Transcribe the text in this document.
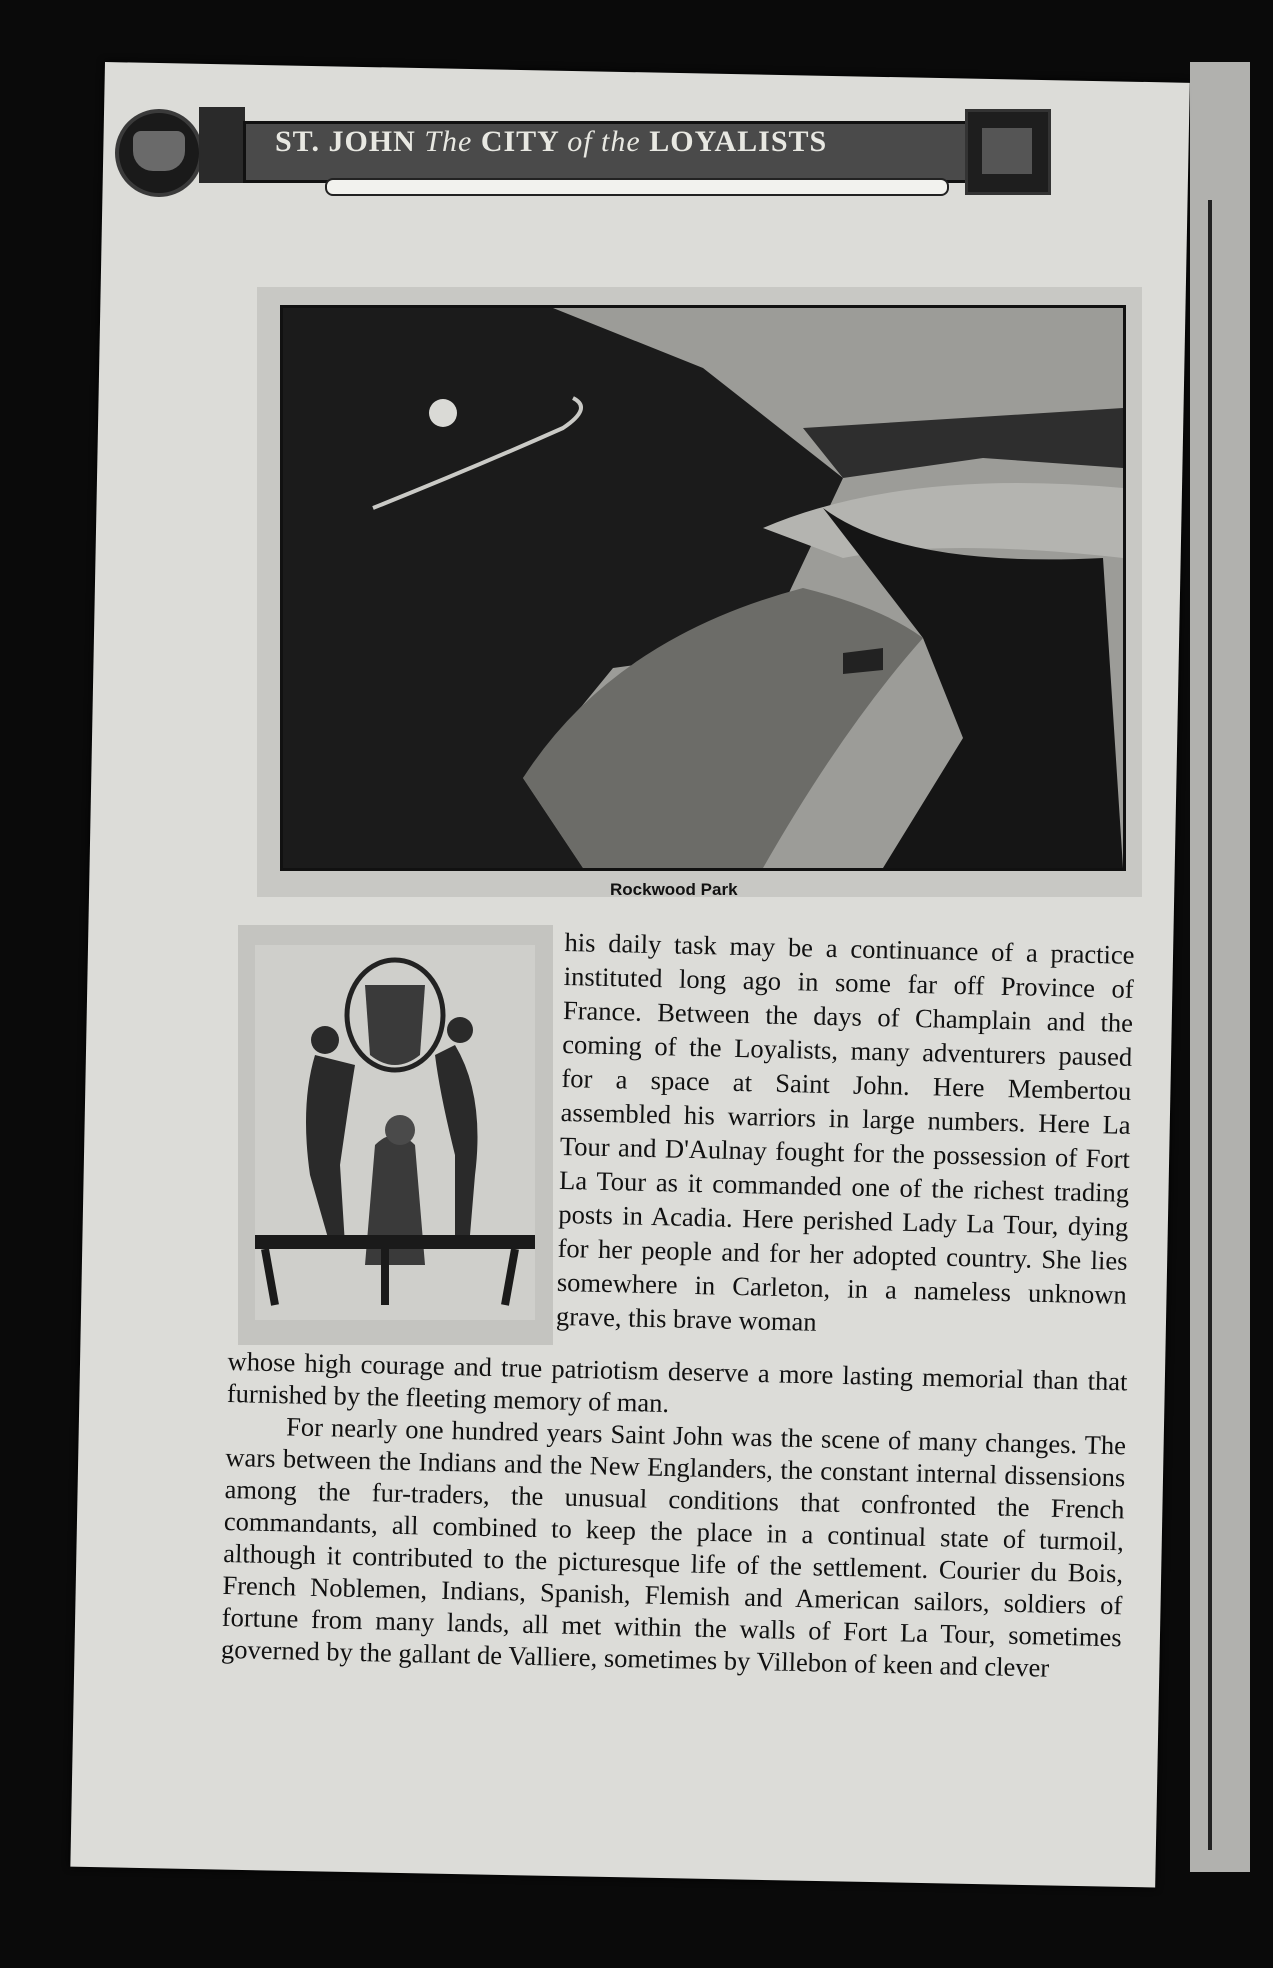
ST. JOHN The CITY of the LOYALISTS
Rockwood Park

his daily task may be a continuance of a practice instituted long ago in some far off Province of France. Between the days of Champlain and the coming of the Loyalists, many adventurers paused for a space at Saint John. Here Membertou assembled his warriors in large numbers. Here La Tour and D'Aulnay fought for the possession of Fort La Tour as it commanded one of the richest trading posts in Acadia. Here perished Lady La Tour, dying for her people and for her adopted country. She lies somewhere in Carleton, in a nameless unknown grave, this brave woman

whose high courage and true patriotism deserve a more lasting memorial than that furnished by the fleeting memory of man.

For nearly one hundred years Saint John was the scene of many changes. The wars between the Indians and the New Englanders, the constant internal dissensions among the fur-traders, the unusual conditions that confronted the French commandants, all combined to keep the place in a continual state of turmoil, although it contributed to the picturesque life of the settlement. Courier du Bois, French Noblemen, Indians, Spanish, Flemish and American sailors, soldiers of fortune from many lands, all met within the walls of Fort La Tour, sometimes governed by the gallant de Valliere, sometimes by Villebon of keen and clever
